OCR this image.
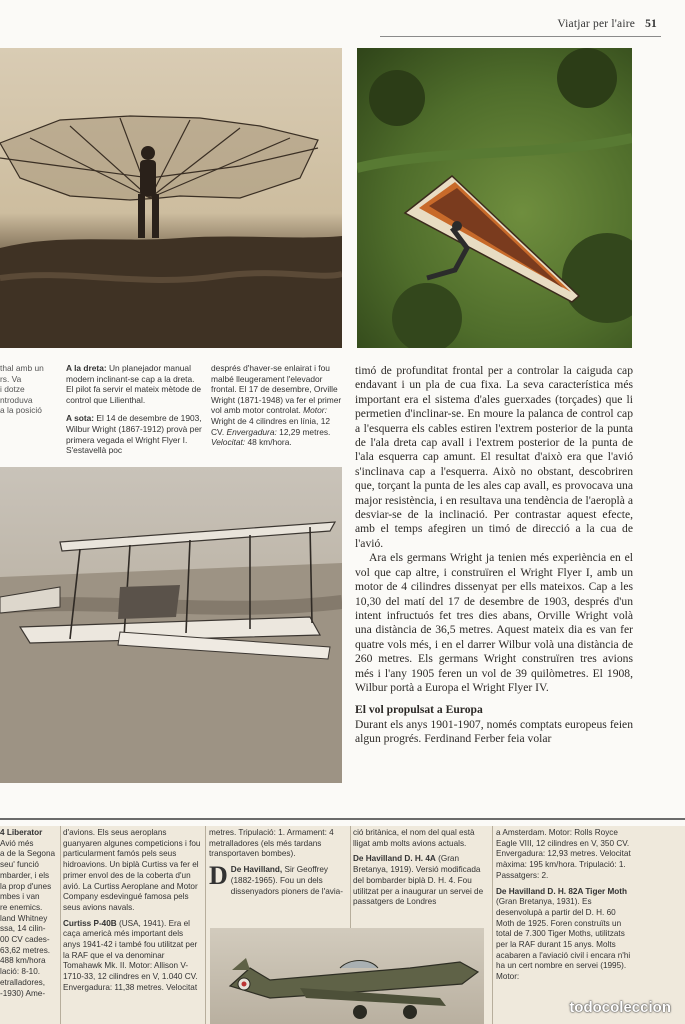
Viatjar per l'aire 51
thal amb un
rs. Va
i dotze
ntroduva
a la posició

A la dreta: Un planejador manual modern inclinant-se cap a la dreta. El pilot fa servir el mateix mètode de control que Lilienthal.

A sota: El 14 de desembre de 1903, Wilbur Wright (1867-1912) provà per primera vegada el Wright Flyer I. S'estavellà poc

després d'haver-se enlairat i fou malbé lleugerament l'elevador frontal. El 17 de desembre, Orville Wright (1871-1948) va fer el primer vol amb motor controlat. Motor: Wright de 4 cilindres en línia, 12 CV. Envergadura: 12,29 metres. Velocitat: 48 km/hora.

timó de profunditat frontal per a controlar la caiguda cap endavant i un pla de cua fixa. La seva característica més important era el sistema d'ales guerxades (torçades) que li permetien d'inclinar-se. En moure la palanca de control cap a l'esquerra els cables estiren l'extrem posterior de la punta de l'ala dreta cap avall i l'extrem posterior de la punta de l'ala esquerra cap amunt. El resultat d'això era que l'avió s'inclinava cap a l'esquerra. Això no obstant, descobriren que, torçant la punta de les ales cap avall, es provocava una major resistència, i en resultava una tendència de l'aeroplà a desviar-se de la inclinació. Per contrastar aquest efecte, amb el temps afegiren un timó de direcció a la cua de l'avió.

Ara els germans Wright ja tenien més experiència en el vol que cap altre, i construïren el Wright Flyer I, amb un motor de 4 cilindres dissenyat per ells mateixos. Cap a les 10,30 del matí del 17 de desembre de 1903, després d'un intent infructuós fet tres dies abans, Orville Wright volà una distància de 36,5 metres. Aquest mateix dia es van fer quatre vols més, i en el darrer Wilbur volà una distància de 260 metres. Els germans Wright construïren tres avions més i l'any 1905 feren un vol de 39 quilòmetres. El 1908, Wilbur portà a Europa el Wright Flyer IV.

El vol propulsat a Europa

Durant els anys 1901-1907, només comptats europeus feien algun progrés. Ferdinand Ferber feia volar

4 Liberator
Avió més
a de la Segona
seu' funció
mbarder, i els
la prop d'unes
mbes i van
re enemics.
land Whitney
ssa, 14 cilin-
00 CV cades-
63,62 metres.
488 km/hora
lació: 8-10.
etralladores,
-1930) Ame-

d'avions. Els seus aeroplans guanyaren algunes competicions i fou particularment famós pels seus hidroavions. Un biplà Curtiss va fer el primer envol des de la coberta d'un avió. La Curtiss Aeroplane and Motor Company esdevingué famosa pels seus avions navals.

Curtiss P-40B (USA, 1941). Era el caça americà més important dels anys 1941-42 i també fou utilitzat per la RAF que el va denominar Tomahawk Mk. II. Motor: Allison V-1710-33, 12 cilindres en V, 1.040 CV. Envergadura: 11,38 metres. Velocitat

metres. Tripulació: 1. Armament: 4 metralladores (els més tardans transportaven bombes).

D De Havilland, Sir Geoffrey (1882-1965). Fou un dels dissenyadors pioners de l'avia-

ció britànica, el nom del qual està lligat amb molts avions actuals.

De Havilland D. H. 4A (Gran Bretanya, 1919). Versió modificada del bombarder biplà D. H. 4. Fou utilitzat per a inaugurar un servei de passatgers de Londres

a Amsterdam. Motor: Rolls Royce Eagle VIII, 12 cilindres en V, 350 CV. Envergadura: 12,93 metres. Velocitat màxima: 195 km/hora. Tripulació: 1. Passatgers: 2.

De Havilland D. H. 82A Tiger Moth (Gran Bretanya, 1931). Es desenvolupà a partir del D. H. 60 Moth de 1925. Foren construïts un total de 7.300 Tiger Moths, utilitzats per la RAF durant 15 anys. Molts acabaren a l'aviació civil i encara n'hi ha un cert nombre en servei (1995). Motor:

todocoleccion
